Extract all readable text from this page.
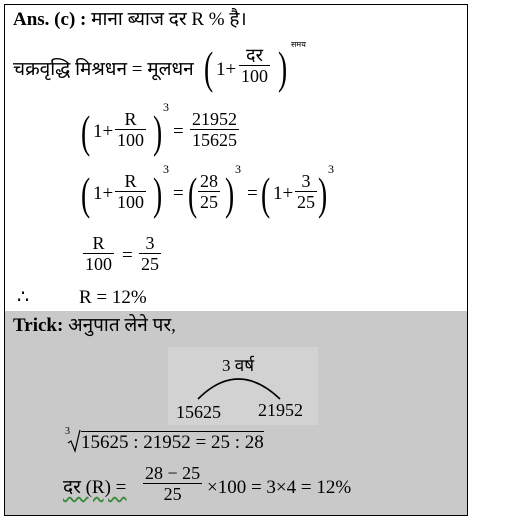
Ans. (c) : माना ब्याज दर R % है।
चक्रवृद्धि मिश्रधन = मूलधन ( 1+
दर
100 ) समय
( $1+ \frac{R}{100}$ ) 3
= $\frac{21952}{15625}$
( $1+ \frac{R}{100}$ ) 3
= ( $\frac{28}{25}$ ) 3
= ( $1+ \frac{3}{25}$ ) 3
$\frac{R}{100} = \frac{3}{25}$
∴	R = 12%
Trick: अनुपात लेने पर,
3 वर्ष
15625 21952
3
15625 : 21952 = 25 : 28
दर $(R) = \frac{28 - 25}{25} \times 100 = 3\times 4 = 12\%$
